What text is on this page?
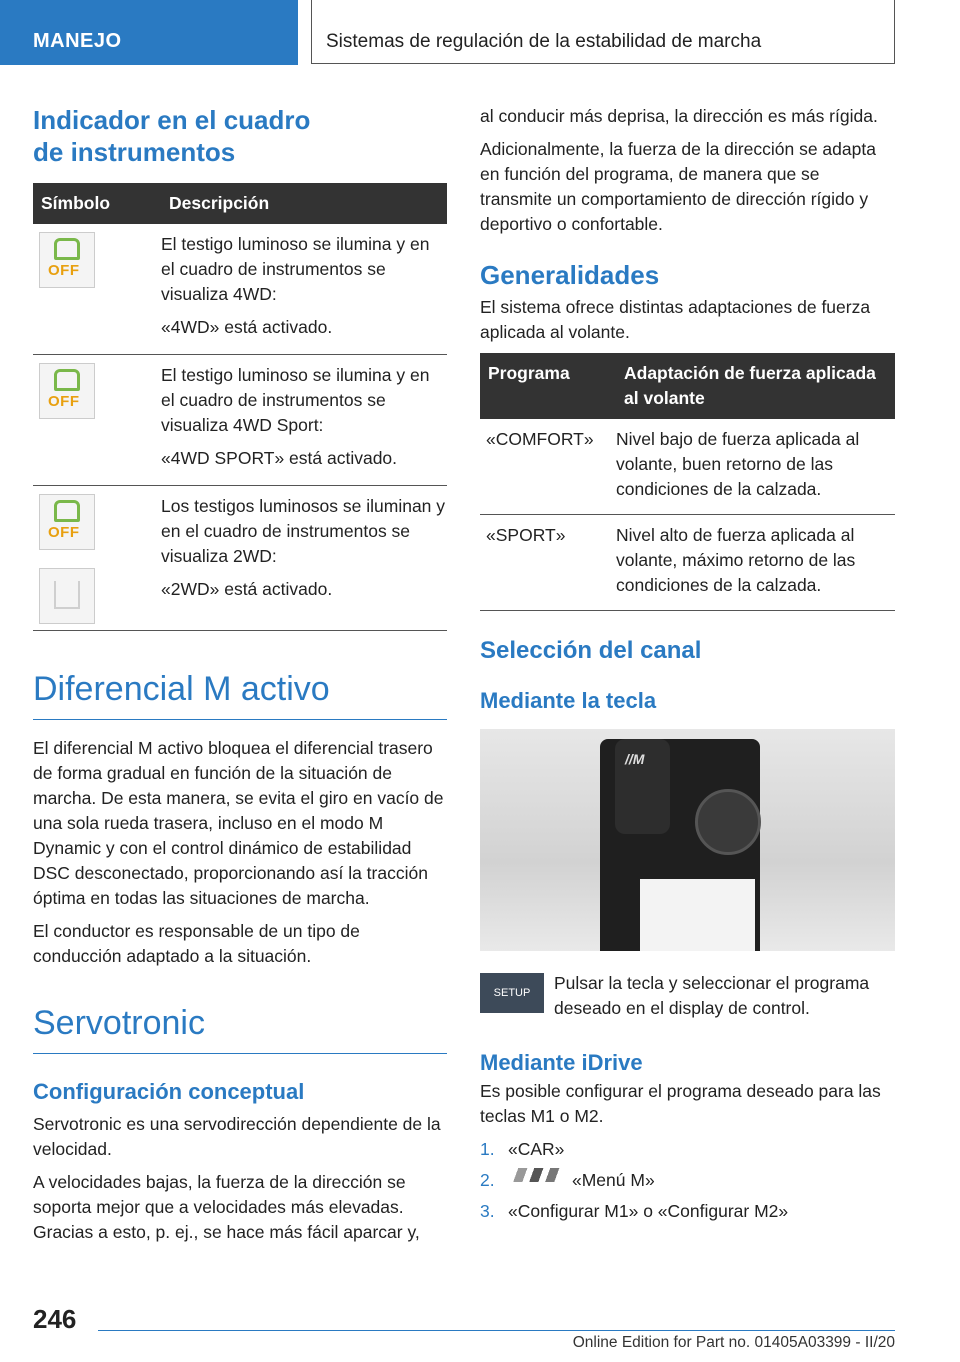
MANEJO	Sistemas de regulación de la estabilidad de marcha
Indicador en el cuadro de instrumentos
Símbolo	Descripción

OFF	El testigo luminoso se ilumina y en el cuadro de instrumentos se visualiza 4WD:

«4WD» está activado.

OFF	El testigo luminoso se ilumina y en el cuadro de instrumentos se visualiza 4WD Sport:

«4WD SPORT» está activado.

OFF	Los testigos luminosos se iluminan y en el cuadro de instrumentos se visualiza 2WD:

«2WD» está activado.

Diferencial M activo

El diferencial M activo bloquea el diferencial trasero de forma gradual en función de la situación de marcha. De esta manera, se evita el giro en vacío de una sola rueda trasera, incluso en el modo M Dynamic y con el control dinámico de estabilidad DSC desconectado, proporcionando así la tracción óptima en todas las situaciones de marcha.

El conductor es responsable de un tipo de conducción adaptado a la situación.

Servotronic
Configuración conceptual

Servotronic es una servodirección dependiente de la velocidad.

A velocidades bajas, la fuerza de la dirección se soporta mejor que a velocidades más elevadas. Gracias a esto, p. ej., se hace más fácil aparcar y,

al conducir más deprisa, la dirección es más rígida.

Adicionalmente, la fuerza de la dirección se adapta en función del programa, de manera que se transmite un comportamiento de dirección rígido y deportivo o confortable.

Generalidades

El sistema ofrece distintas adaptaciones de fuerza aplicada al volante.

Programa	Adaptación de fuerza aplicada al volante
«COMFORT»	Nivel bajo de fuerza aplicada al volante, buen retorno de las condiciones de la calzada.
«SPORT»	Nivel alto de fuerza aplicada al volante, máximo retorno de las condiciones de la calzada.
Selección del canal
Mediante la tecla
//M
SETUP	Pulsar la tecla y seleccionar el programa deseado en el display de control.

Mediante iDrive

Es posible configurar el programa deseado para las teclas M1 o M2.

1. «CAR»
2.	«Menú M»
3. «Configurar M1» o «Configurar M2»
246
Online Edition for Part no. 01405A03399 - II/20
